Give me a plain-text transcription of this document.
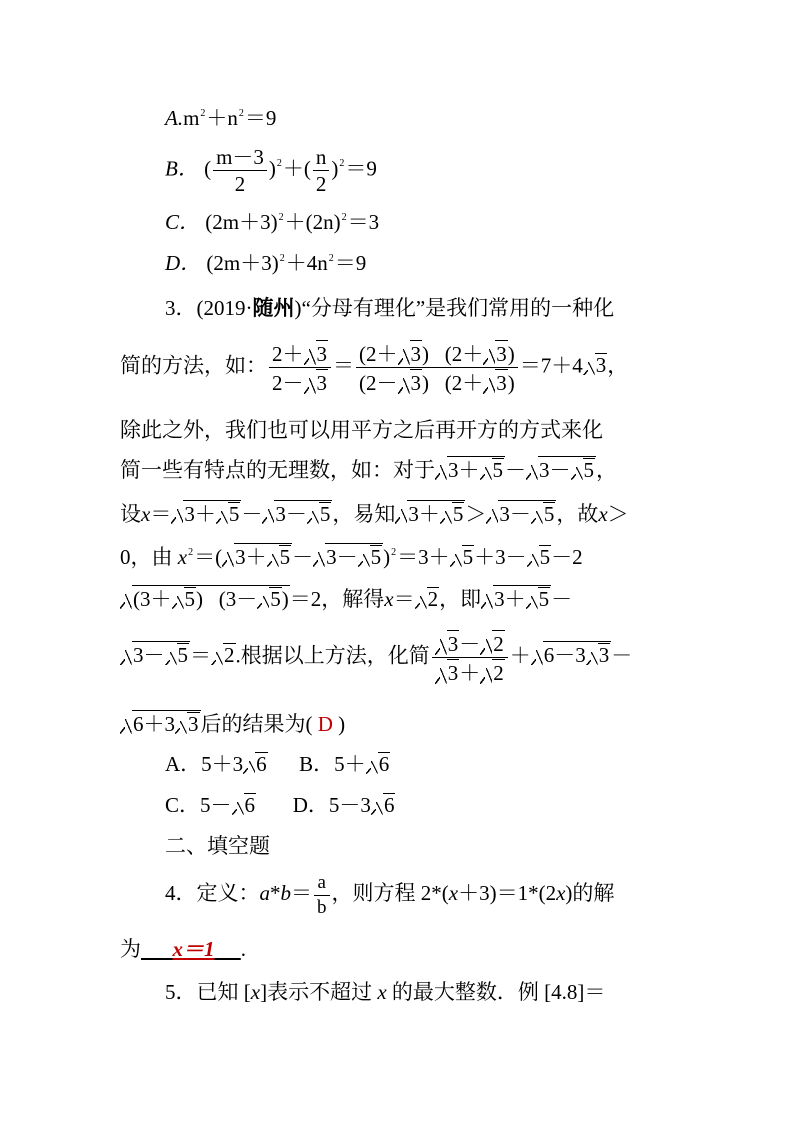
$A.m^2+n^2=9$
B． ( $\frac{m-3}{2} )^2+( \frac{n}{2} )^2=9$
C． $(2m+3)^2+(2n)^2=3$
D． $(2m+3)^2+4n^2=9$
3．(2019·随州)“分母有理化”是我们常用的一种化
简的方法，如： $\frac{2+ 3}{2- 3} = \frac{(2+ 3) (2+ 3)}{(2- 3) (2+ 3)} =7+4$ 3，
除此之外，我们也可以用平方之后再开方的方式来化
简一些有特点的无理数，如：对于 3＋ 5－ 3－ 5，
设x＝ 3＋ 5－ 3－ 5，易知 3＋ 5＞ 3－ 5，故x＞
0，由 $x^2=$( 3＋ 5－ 3－ 5)$^2$＝3＋ 5＋3－ 5－2
(3＋ 5)   (3－ 5)＝2，解得x＝ 2，即 3＋ 5－
3－ 5＝ 2.根据以上方法，化简 $\frac{3- 2}{3+ 2} + 6-3$ 3－
6＋3 3后的结果为( D )
A．5＋3 6 B．5＋ 6
C．5－ 6 D．5－3 6
二、填空题
4．定义：$a*b= \frac{a}{b}$ ，则方程 2*(x＋3)＝1*(2x)的解
为 x＝1 .
5．已知 [x]表示不超过 x 的最大整数．例 [4.8]＝
